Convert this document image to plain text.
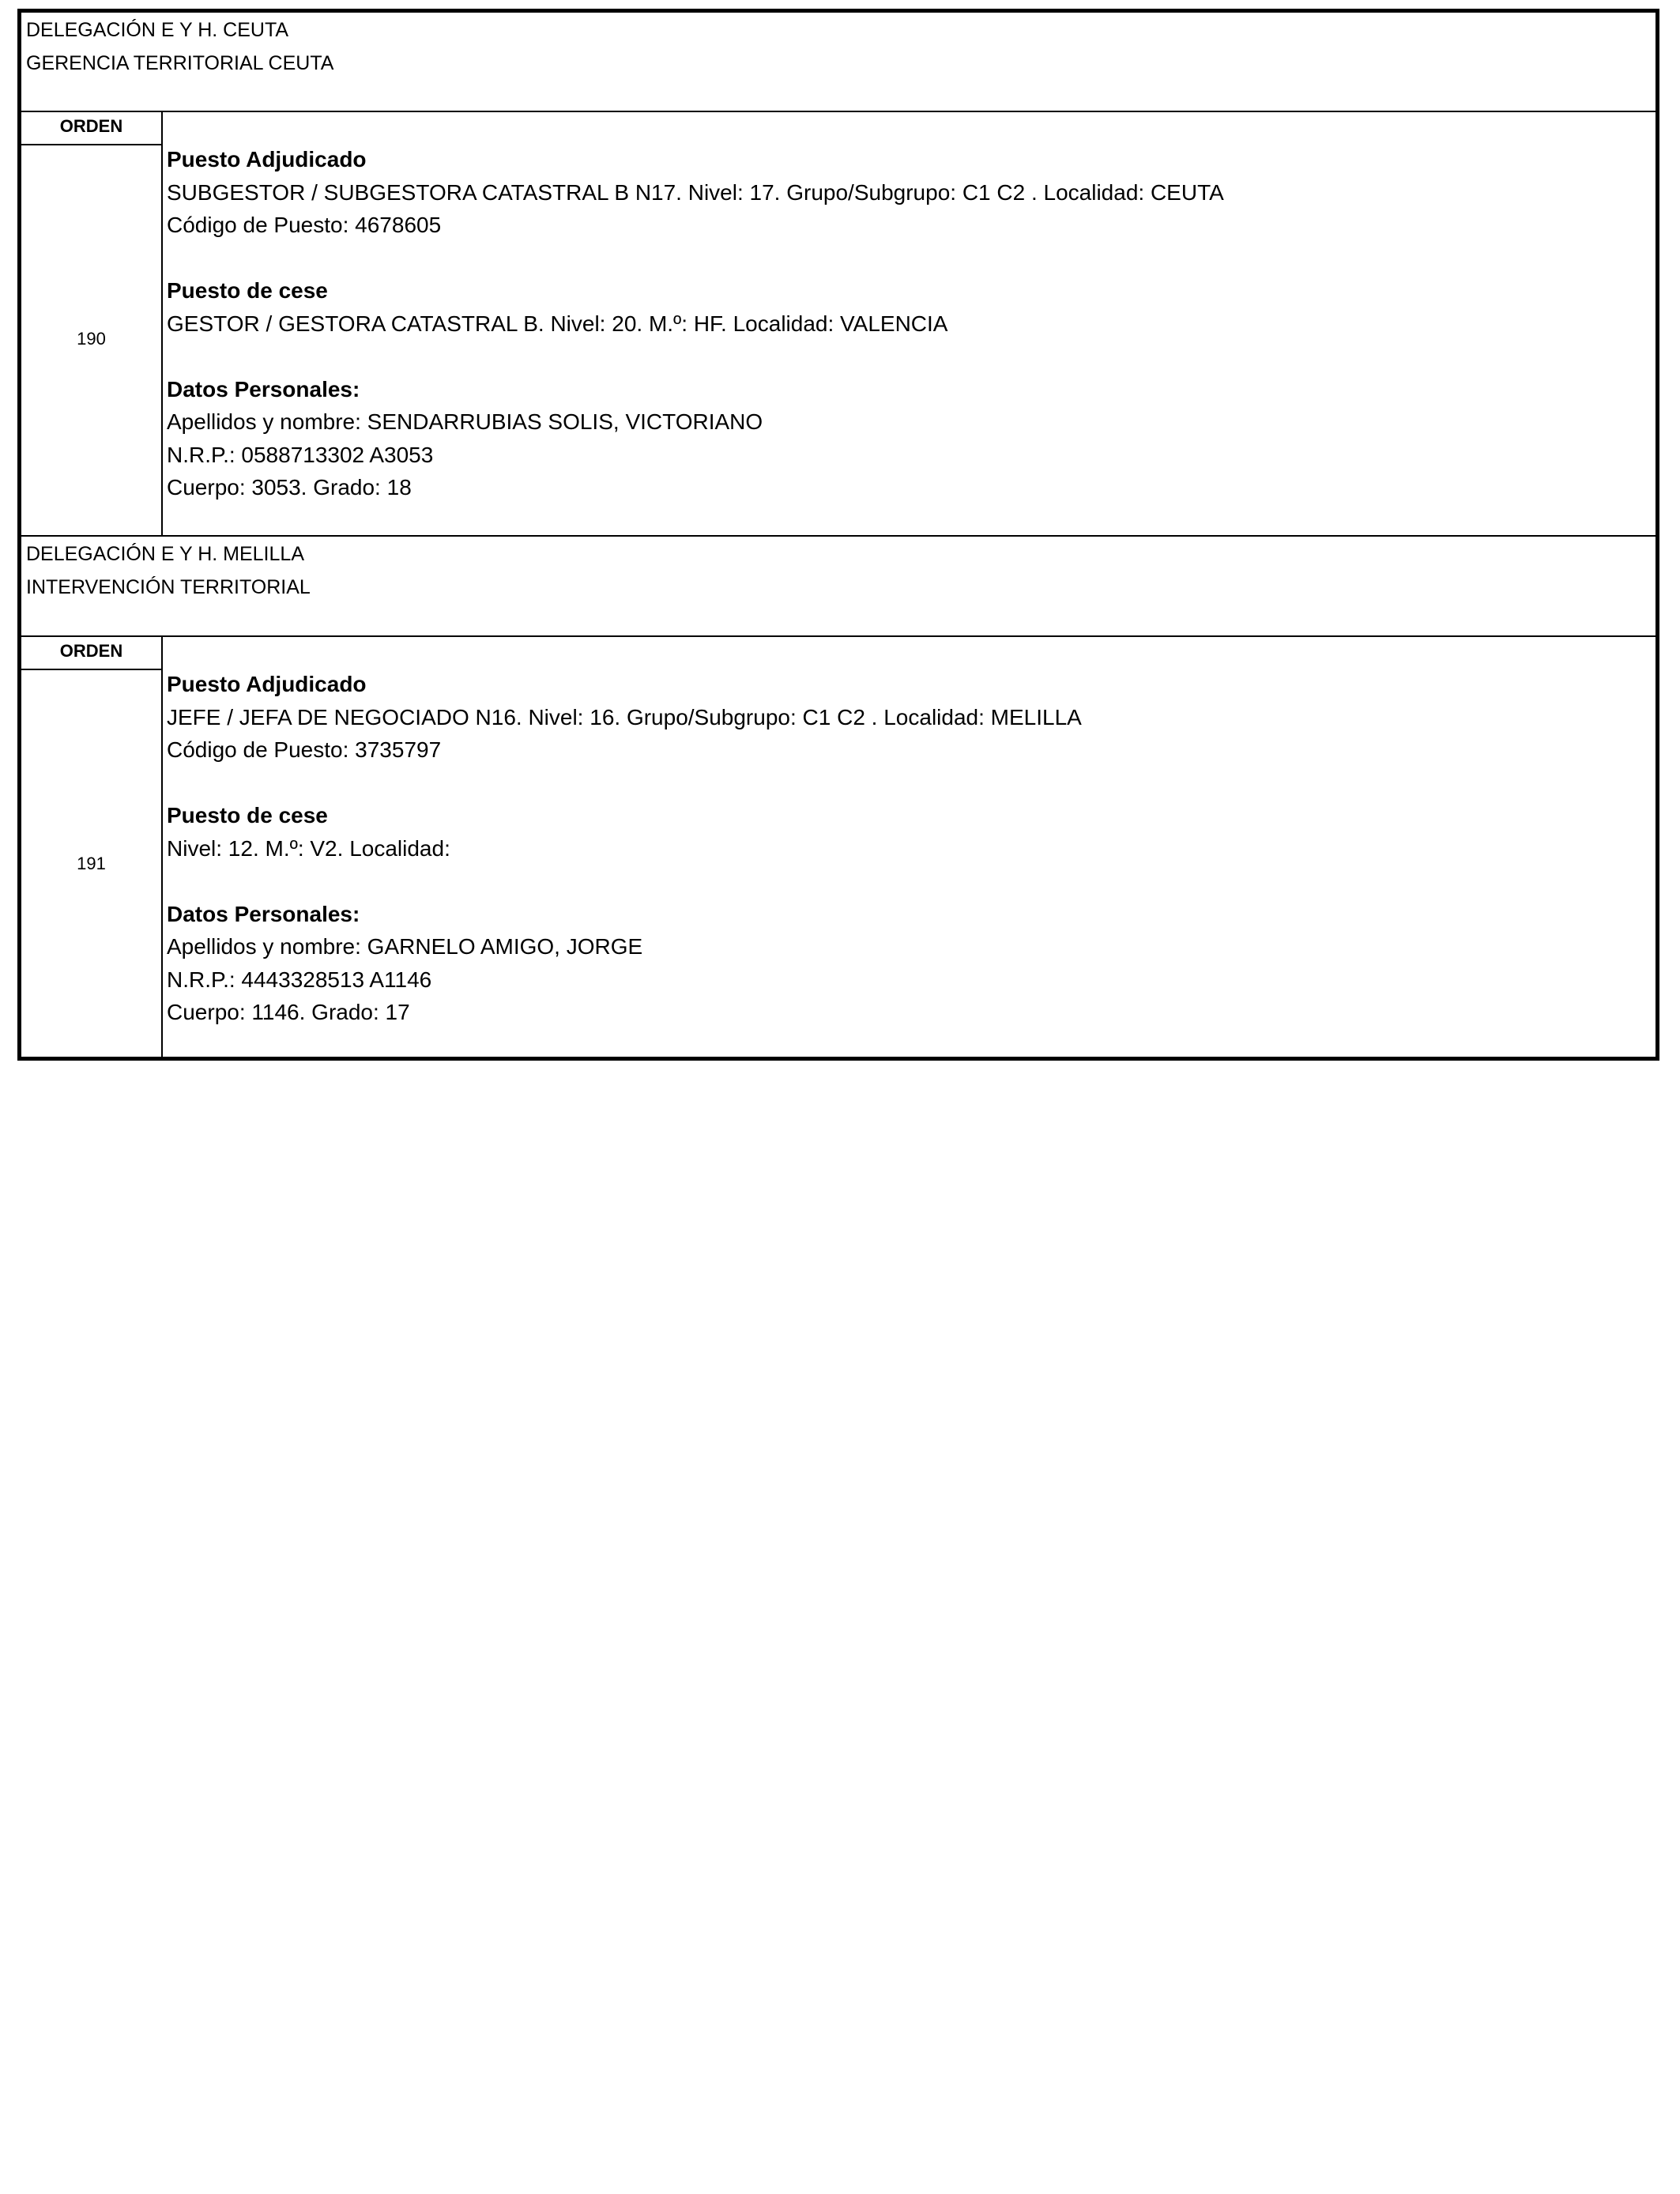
DELEGACIÓN E Y H. CEUTA
GERENCIA TERRITORIAL CEUTA
ORDEN
190
Puesto Adjudicado
SUBGESTOR / SUBGESTORA CATASTRAL B N17. Nivel: 17. Grupo/Subgrupo: C1 C2 . Localidad: CEUTA
Código de Puesto: 4678605
Puesto de cese
GESTOR / GESTORA CATASTRAL B. Nivel: 20. M.º: HF. Localidad: VALENCIA
Datos Personales:
Apellidos y nombre: SENDARRUBIAS SOLIS, VICTORIANO
N.R.P.: 0588713302 A3053
Cuerpo: 3053. Grado: 18
DELEGACIÓN E Y H. MELILLA
INTERVENCIÓN TERRITORIAL
ORDEN
191
Puesto Adjudicado
JEFE / JEFA DE NEGOCIADO N16. Nivel: 16. Grupo/Subgrupo: C1 C2 . Localidad: MELILLA
Código de Puesto: 3735797
Puesto de cese
Nivel: 12. M.º: V2. Localidad:
Datos Personales:
Apellidos y nombre: GARNELO AMIGO, JORGE
N.R.P.: 4443328513 A1146
Cuerpo: 1146. Grado: 17
